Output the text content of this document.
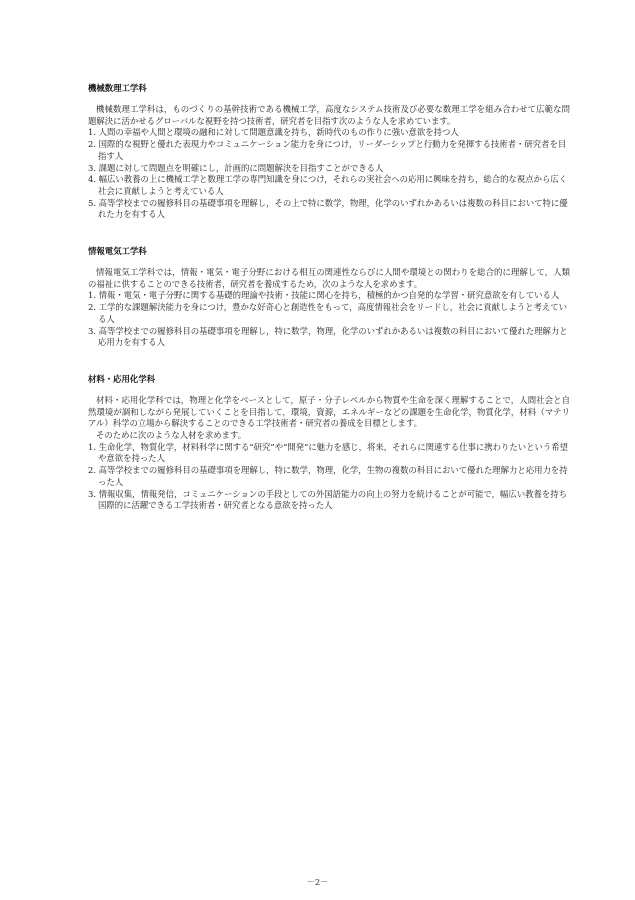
機械数理工学科

機械数理工学科は，ものづくりの基幹技術である機械工学，高度なシステム技術及び必要な数理工学を組み合わせて広範な問題解決に活かせるグローバルな視野を持つ技術者，研究者を目指す次のような人を求めています。

1. 人間の幸福や人間と環境の融和に対して問題意識を持ち，新時代のもの作りに強い意欲を持つ人
2. 国際的な視野と優れた表現力やコミュニケーション能力を身につけ，リーダーシップと行動力を発揮する技術者・研究者を目指す人
3. 課題に対して問題点を明確にし，計画的に問題解決を目指すことができる人
4. 幅広い教養の上に機械工学と数理工学の専門知識を身につけ，それらの実社会への応用に興味を持ち，総合的な視点から広く社会に貢献しようと考えている人
5. 高等学校までの履修科目の基礎事項を理解し，その上で特に数学，物理，化学のいずれかあるいは複数の科目において特に優れた力を有する人
情報電気工学科

情報電気工学科では，情報・電気・電子分野における相互の関連性ならびに人間や環境との関わりを総合的に理解して，人類の福祉に供することのできる技術者，研究者を養成するため，次のような人を求めます。

1. 情報・電気・電子分野に関する基礎的理論や技術・技能に関心を持ち，積極的かつ自発的な学習・研究意欲を有している人
2. 工学的な課題解決能力を身につけ，豊かな好奇心と創造性をもって，高度情報社会をリードし，社会に貢献しようと考えている人
3. 高等学校までの履修科目の基礎事項を理解し，特に数学，物理，化学のいずれかあるいは複数の科目において優れた理解力と応用力を有する人
材料・応用化学科

材料・応用化学科では，物理と化学をベースとして，原子・分子レベルから物質や生命を深く理解することで，人間社会と自然環境が調和しながら発展していくことを目指して，環境，資源，エネルギーなどの課題を生命化学，物質化学，材料（マテリアル）科学の立場から解決することのできる工学技術者・研究者の養成を目標とします。

そのために次のような人材を求めます。

1. 生命化学，物質化学，材料科学に関する“研究”や“開発”に魅力を感じ，将来，それらに関連する仕事に携わりたいという希望や意欲を持った人
2. 高等学校までの履修科目の基礎事項を理解し，特に数学，物理，化学，生物の複数の科目において優れた理解力と応用力を持った人
3. 情報収集，情報発信，コミュニケーションの手段としての外国語能力の向上の努力を続けることが可能で，幅広い教養を持ち国際的に活躍できる工学技術者・研究者となる意欲を持った人
－2－
